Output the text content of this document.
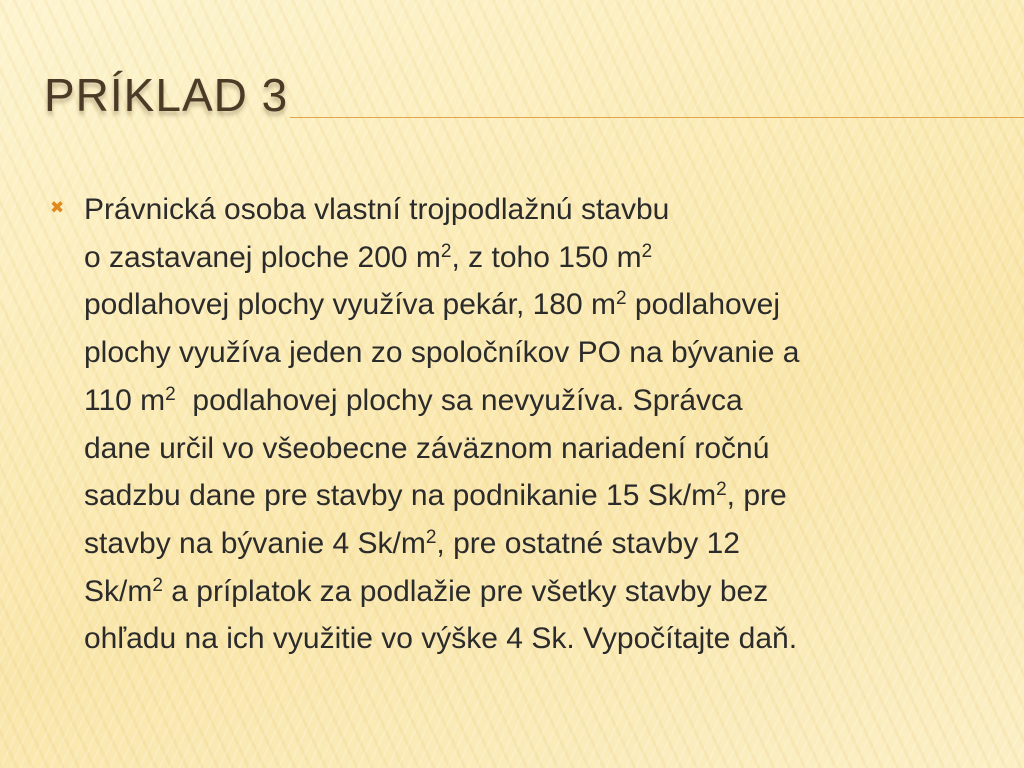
PRÍKLAD 3
✖ Právnická osoba vlastní trojpodlažnú stavbu
o zastavanej ploche 200 $m^2$, z toho 150 $m^2$
podlahovej plochy využíva pekár, 180 $m^2$ podlahovej
plochy využíva jeden zo spoločníkov PO na bývanie a
110 $m^2$  podlahovej plochy sa nevyužíva. Správca
dane určil vo všeobecne záväznom nariadení ročnú
sadzbu dane pre stavby na podnikanie 15 $Sk/m^2$, pre
stavby na bývanie 4 $Sk/m^2$, pre ostatné stavby 12
$Sk/m^2$ a príplatok za podlažie pre všetky stavby bez
ohľadu na ich využitie vo výške 4 Sk. Vypočítajte daň.
